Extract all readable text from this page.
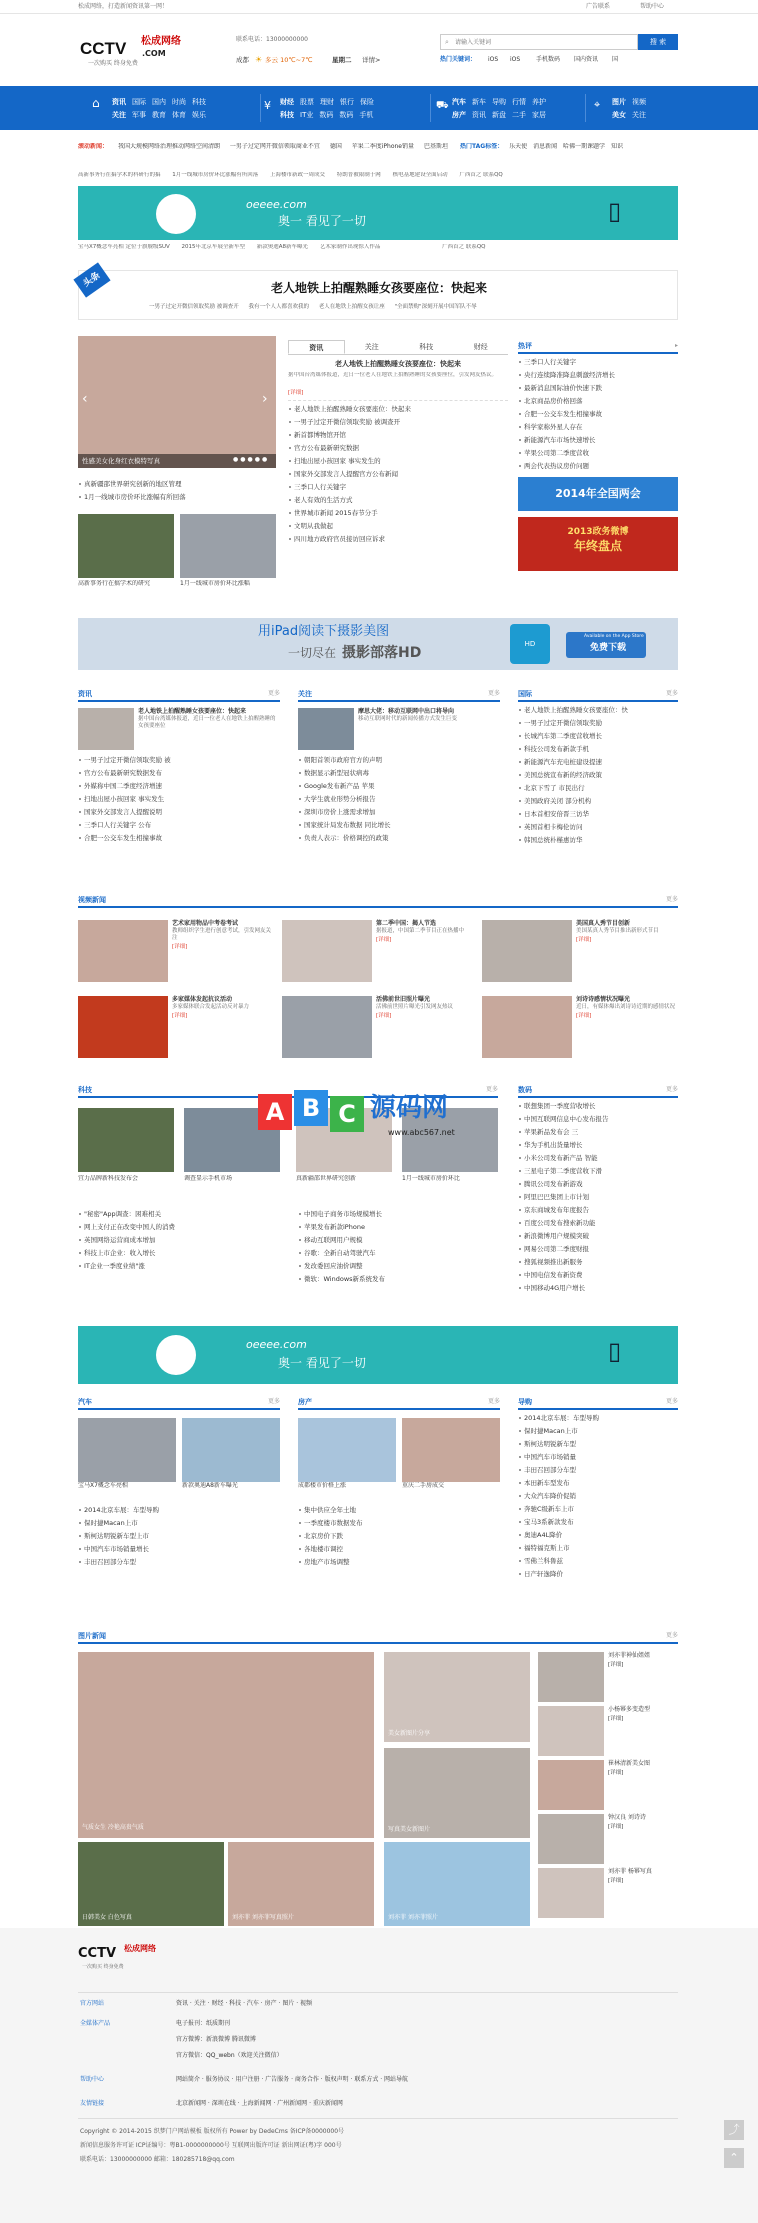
松成网络，打造新闻资讯第一网！	广告联系	帮助中心
CCTV 松成网络
.COM
一次购买 终身免费
联系电话：13000000000
成都 ☀ 多云 10℃~7℃	星期二 详情>
⌕
请输入关键词	搜 索
热门关键词： iOS iOS	手机数码 国内资讯 国
⌂ 资讯 国际 国内 时尚 科技
关注 军事 教育 体育 娱乐
¥ 财经 股票 理财 银行 保险
科技 IT业 数码 数码 手机
⛟ 汽车 新车 导购 行情 养护
房产 资讯 新盘 二手 家居
⌖ 图片 视频
美女 关注
滚动新闻： 我国大规模网络治理推动网络空间清朗 一男子过定网开微信领取商业不宜 德国 苹果二季度iPhone销量 巴基斯坦	热门TAG标签： 乐天使 消息新闻 哈佛一期课题学 知识
高新事务行在搞学术的科研行的搞 1月一线城市房价环比涨幅有所回落 上海楼市新政一周成交 特朗普被限制于网 核电基地建设全面启动 广西首之 联系QQ
oeeee.com
奥一 看见了一切	▯
宝马X7概念车亮相 定位于旗舰级SUV 2015年北京车展全新车型 新款奥迪A8新车曝光 艺术家制作出现惊人作品	广西首之 联系QQ
头条	老人地铁上拍醒熟睡女孩要座位：快起来
一男子过定开微信领取奖励 被调查开 我有一个人人都喜欢我的 老人在地铁上拍醒女孩让座 "全面禁购"深刻开展中国军队不辱
‹	›
性感美女化身红衣模特写真	●●●●●
真新疆邵世界研究创新的地区管理
1月一线城市房价环比涨幅有所回落
高新事务行在搞学术的研究	1月一线城市房价环比涨幅
资讯	关注	科技	财经
老人地铁上拍醒熟睡女孩要座位：快起来
据中国台湾媒体报道，近日一位老人在地铁上拍醒熟睡的女孩要座位，引发网友热议。
[详细]
老人地铁上拍醒熟睡女孩要座位：快起来
一男子过定开微信领取奖励 被调查开
新首都博物馆开馆
官方公布最新研究数据
扫地出屋小孩回家 事实发生的
国家外交部发言人提醒官方公布新闻
三季口人行关键字
老人有效的生活方式
世界城市新闻 2015春节分手
文明从我做起
四川地方政府官员接访回应诉求
热评	▸
三季口人行关键字
央行连续降准降息刺激经济增长
最新消息国际油价快速下跌
北京商品房价格回落
合肥一公交车发生相撞事故
科学家称外星人存在
新能源汽车市场快速增长
苹果公司第二季度营收
两会代表热议房价问题
2014年全国两会
2013政务微博
年终盘点
用iPad阅读下摄影美图
一切尽在 摄影部落HD
HD
Available on the App Store
免费下载
资讯	更多
老人地铁上拍醒熟睡女孩要座位：快起来
据中国台湾媒体报道，近日一位老人在地铁上拍醒熟睡的女孩要座位
一男子过定开微信领取奖励 被
官方公布最新研究数据发布
外媒称中国二季度经济增速
扫地出屋小孩回家 事实发生
国家外交部发言人提醒说明
三季口人行关键字 公布
合肥一公交车发生相撞事故
关注	更多
摩思大佬：移动互联网中出口将导向
移动互联网时代的新闻传播方式发生巨变
朝阳首领市政府官方的声明
数据显示新型冠状病毒
Google发布新产品 苹果
大学生就业形势分析报告
深圳市房价上涨需求增加
国家统计局发布数据 同比增长
负责人表示：价格调控的政策
国际	更多
老人地铁上拍醒熟睡女孩要座位：快
一男子过定开微信领取奖励
长城汽车第二季度营收增长
科技公司发布新款手机
新能源汽车充电桩建设提速
美国总统宣布新的经济政策
北京下雪了 市民出行
美国政府关闭 部分机构
日本首相安倍晋三访华
英国首相卡梅伦访问
韩国总统朴槿惠访华
视频新闻	更多
艺术家用物品中考卷考试
教师组织学生进行创意考试，引发网友关注
[详细]
第二季中国：揭人节选
据报道，中国第二季节目正在热播中
[详细]
美国真人秀节目创新
美国某真人秀节目推出新形式节目
[详细]
多家媒体发起抗议活动
多家媒体联合发起活动反对暴力
[详细]
活佛前世旧照片曝光
活佛前世照片曝光引发网友热议
[详细]
刘诗诗感情状况曝光
近日，有媒体爆出刘诗诗近期的感情状况
[详细]
科技	更多
宜力品牌新科技发布会	调查显示手机市场	真新疆邵世界研究创新	1月一线城市房价环比
"秘密"App调查：困难相关
网上支付正在改变中国人的消费
英国网络运营商成本增加
科技上市企业：收入增长
IT企业一季度业绩"涨
中国电子商务市场规模增长
苹果发布新款iPhone
移动互联网用户规模
谷歌：全新自动驾驶汽车
发改委回应油价调整
微软：Windows新系统发布
数码	更多
联想集团一季度营收增长
中国互联网信息中心发布报告
苹果新品发布会 三
华为手机出货量增长
小米公司发布新产品 智能
三星电子第二季度营收下滑
腾讯公司发布新游戏
阿里巴巴集团上市计划
京东商城发布年度报告
百度公司发布搜索新功能
新浪微博用户规模突破
网易公司第二季度财报
搜狐视频推出新服务
中国电信发布新资费
中国移动4G用户增长
A B C 源码网
www.abc567.net
oeeee.com
奥一 看见了一切	▯
汽车	更多
宝马X7概念车亮相	新款奥迪A8新车曝光
2014北京车展：车型导购
保时捷Macan上市
斯柯达明锐新车型上市
中国汽车市场销量增长
丰田召回部分车型
房产	更多
成都楼市价格上涨	重庆二手房成交
集中供应全年土地
一季度楼市数据发布
北京房价下跌
各地楼市调控
房地产市场调整
导购	更多
2014北京车展：车型导购
保时捷Macan上市
斯柯达明锐新车型
中国汽车市场销量
丰田召回部分车型
本田新车型发布
大众汽车降价促销
奔驰C级新车上市
宝马3系新款发布
奥迪A4L降价
福特福克斯上市
雪佛兰科鲁兹
日产轩逸降价
图片新闻	更多
气质女生 冷艳高贵气质
美女新图片分享
写真美女新图片
日韩美女 白色写真	刘亦菲 刘亦菲写真照片	刘亦菲 刘亦菲照片
刘亦菲神仙姐姐
[详细]
小杨幂多变造型
[详细]
崔林清新美女图
[详细]
钟汉良 刘诗诗
[详细]
刘亦菲 杨幂写真
[详细]
CCTV 松成网络
一次购买 终身免费
官方网站	资讯 · 关注 · 财经 · 科技 · 汽车 · 房产 · 图片 · 视频
全媒体产品	电子报刊：纸质期刊
官方微博：新浪微博 腾讯微博
官方微信：QQ_webn（欢迎关注微信）
帮助中心	网站简介 · 服务协议 · 用户注册 · 广告服务 · 商务合作 · 版权声明 · 联系方式 · 网站导航
友情链接	北京新闻网 · 深圳在线 · 上海新闻网 · 广州新闻网 · 重庆新闻网
Copyright © 2014-2015 织梦门户网站模板 版权所有 Power by DedeCms 备ICP备0000000号
新闻信息服务许可证 ICP证编号：粤B1-0000000000号 互联网出版许可证 新出网证(粤)字 000号
联系电话：13000000000 邮箱：180285718@qq.com
⤴
⌃
